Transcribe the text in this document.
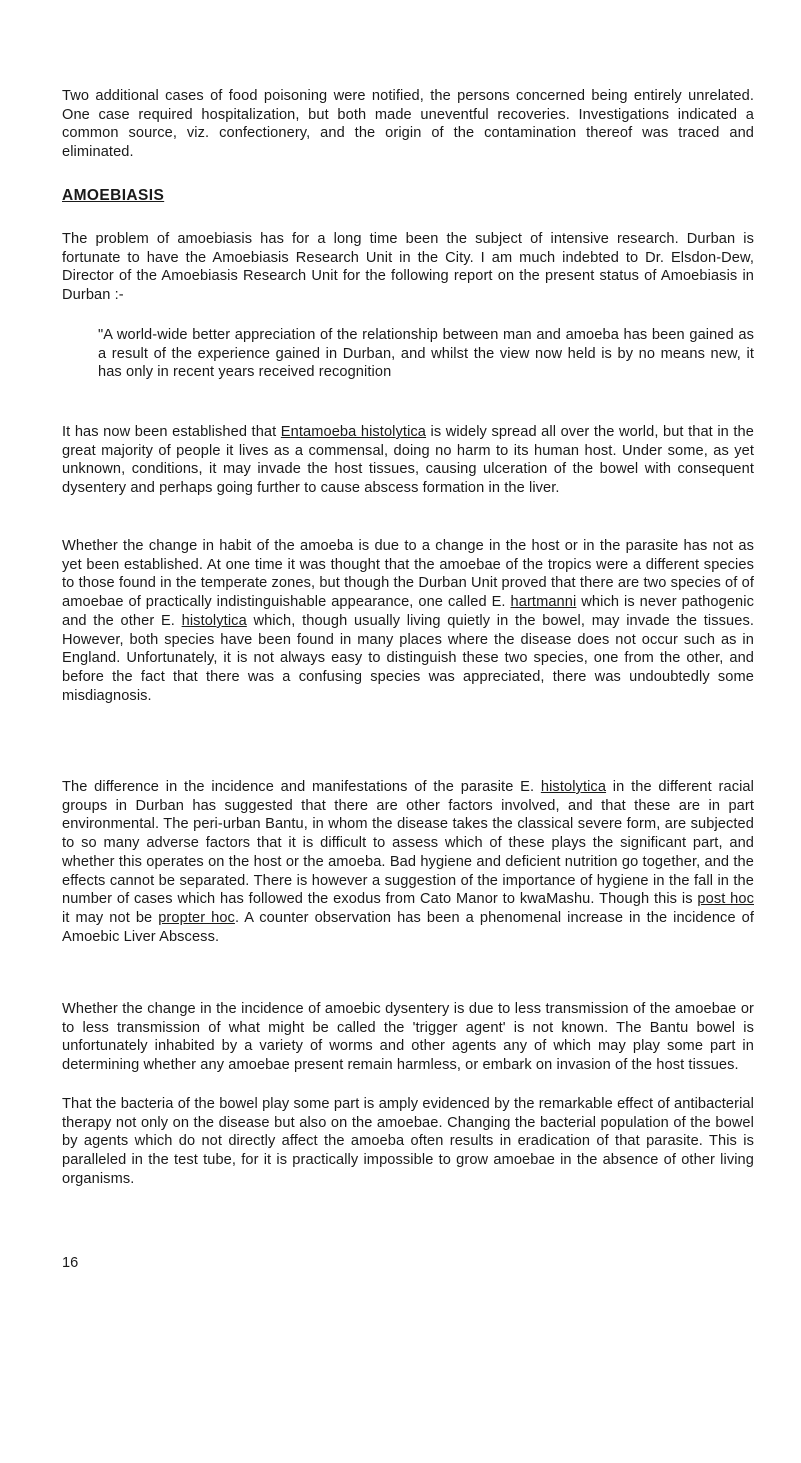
Two additional cases of food poisoning were notified, the persons concerned being entirely unrelated. One case required hospitalization, but both made uneventful recoveries. Investigations indicated a common source, viz. confectionery, and the origin of the contamination thereof was traced and eliminated.

AMOEBIASIS

The problem of amoebiasis has for a long time been the subject of intensive research. Durban is fortunate to have the Amoebiasis Research Unit in the City. I am much indebted to Dr. Elsdon-Dew, Director of the Amoebiasis Research Unit for the following report on the present status of Amoebiasis in Durban :-

"A world-wide better appreciation of the relationship between man and amoeba has been gained as a result of the experience gained in Durban, and whilst the view now held is by no means new, it has only in recent years received recognition

It has now been established that Entamoeba histolytica is widely spread all over the world, but that in the great majority of people it lives as a commensal, doing no harm to its human host. Under some, as yet unknown, conditions, it may invade the host tissues, causing ulceration of the bowel with consequent dysentery and perhaps going further to cause abscess formation in the liver.

Whether the change in habit of the amoeba is due to a change in the host or in the parasite has not as yet been established. At one time it was thought that the amoebae of the tropics were a different species to those found in the temperate zones, but though the Durban Unit proved that there are two species of of amoebae of practically indistinguishable appearance, one called E. hartmanni which is never pathogenic and the other E. histolytica which, though usually living quietly in the bowel, may invade the tissues. However, both species have been found in many places where the disease does not occur such as in England. Unfortunately, it is not always easy to distinguish these two species, one from the other, and before the fact that there was a confusing species was appreciated, there was undoubtedly some misdiagnosis.

The difference in the incidence and manifestations of the parasite E. histolytica in the different racial groups in Durban has suggested that there are other factors involved, and that these are in part environmental. The peri-urban Bantu, in whom the disease takes the classical severe form, are subjected to so many adverse factors that it is difficult to assess which of these plays the significant part, and whether this operates on the host or the amoeba. Bad hygiene and deficient nutrition go together, and the effects cannot be separated. There is however a suggestion of the importance of hygiene in the fall in the number of cases which has followed the exodus from Cato Manor to kwaMashu. Though this is post hoc it may not be propter hoc. A counter observation has been a phenomenal increase in the incidence of Amoebic Liver Abscess.

Whether the change in the incidence of amoebic dysentery is due to less transmission of the amoebae or to less transmission of what might be called the 'trigger agent' is not known. The Bantu bowel is unfortunately inhabited by a variety of worms and other agents any of which may play some part in determining whether any amoebae present remain harmless, or embark on invasion of the host tissues.

That the bacteria of the bowel play some part is amply evidenced by the remarkable effect of antibacterial therapy not only on the disease but also on the amoebae. Changing the bacterial population of the bowel by agents which do not directly affect the amoeba often results in eradication of that parasite. This is paralleled in the test tube, for it is practically impossible to grow amoebae in the absence of other living organisms.

16
